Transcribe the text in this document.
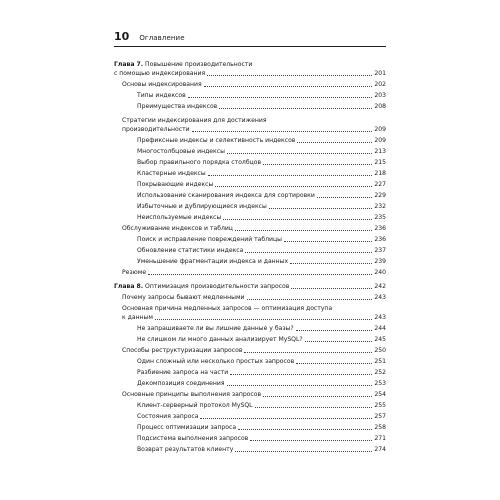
10 Оглавление
Глава 7. Повышение производительности
с помощью индексирования	201
Основы индексирования	202
Типы индексов	203
Преимущества индексов	208
Стратегии индексирования для достижения
производительности	209
Префиксные индексы и селективность индексов	209
Многостолбцовые индексы	213
Выбор правильного порядка столбцов	215
Кластерные индексы	218
Покрывающие индексы	227
Использование сканирования индекса для сортировки	229
Избыточные и дублирующиеся индексы	232
Неиспользуемые индексы	235
Обслуживание индексов и таблиц	236
Поиск и исправление повреждений таблицы	236
Обновление статистики индекса	237
Уменьшение фрагментации индекса и данных	239
Резюме	240
Глава 8. Оптимизация производительности запросов	242
Почему запросы бывают медленными	243
Основная причина медленных запросов — оптимизация доступа
к данным	243
Не запрашиваете ли вы лишние данные у базы?	244
Не слишком ли много данных анализирует MySQL?	245
Способы реструктуризации запросов	250
Один сложный или несколько простых запросов	251
Разбиение запроса на части	252
Декомпозиция соединения	253
Основные принципы выполнения запросов	254
Клиент-серверный протокол MySQL	255
Состояния запроса	257
Процесс оптимизации запроса	258
Подсистема выполнения запросов	271
Возврат результатов клиенту	274
